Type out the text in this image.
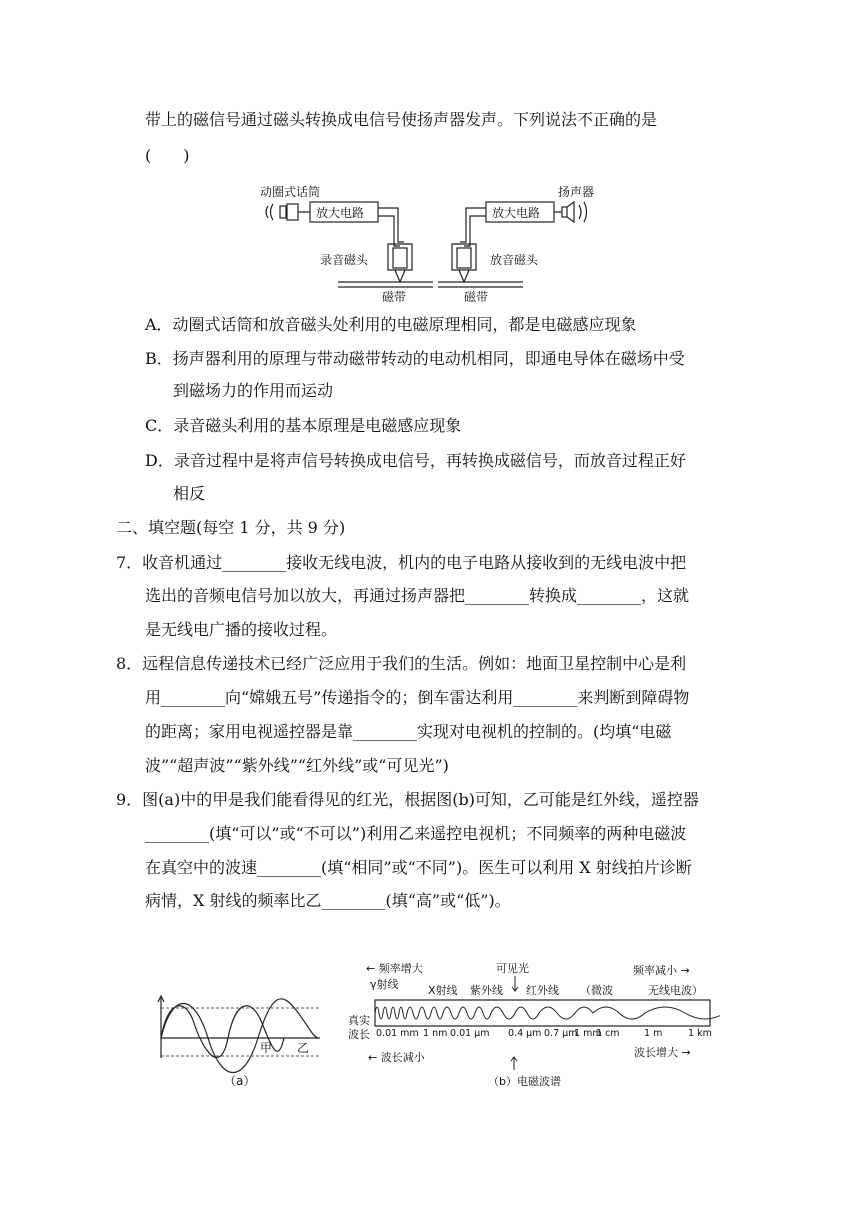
带上的磁信号通过磁头转换成电信号使扬声器发声。下列说法不正确的是
(　　)
动圈式话筒
放大电路	放大电路
扬声器
录音磁头	放音磁头
磁带	磁带
A．动圈式话筒和放音磁头处利用的电磁原理相同，都是电磁感应现象
B．扬声器利用的原理与带动磁带转动的电动机相同，即通电导体在磁场中受
到磁场力的作用而运动
C．录音磁头利用的基本原理是电磁感应现象
D．录音过程中是将声信号转换成电信号，再转换成磁信号，而放音过程正好
相反
二、填空题(每空 1 分，共 9 分)
7．收音机通过________接收无线电波，机内的电子电路从接收到的无线电波中把
选出的音频电信号加以放大，再通过扬声器把________转换成________，这就
是无线电广播的接收过程。
8．远程信息传递技术已经广泛应用于我们的生活。例如：地面卫星控制中心是利
用________向“嫦娥五号”传递指令的；倒车雷达利用________来判断到障碍物
的距离；家用电视遥控器是靠________实现对电视机的控制的。(均填“电磁
波”“超声波”“紫外线”“红外线”或“可见光”)
9．图(a)中的甲是我们能看得见的红光，根据图(b)可知，乙可能是红外线，遥控器
________(填“可以”或“不可以”)利用乙来遥控电视机；不同频率的两种电磁波
在真空中的波速________(填“相同”或“不同”)。医生可以利用 X 射线拍片诊断
病情，X 射线的频率比乙________(填“高”或“低”)。
甲 乙
（a）
← 频率增大	可见光	频率减小 →
γ射线	X射线 紫外线 红外线 （微波	无线电波）
真实
波长 0.01 mm 1 nm 0.01 μm 0.4 μm 0.7 μm
1 mm
1 cm	1 m	1 km
← 波长减小	波长增大 →
（b）电磁波谱
